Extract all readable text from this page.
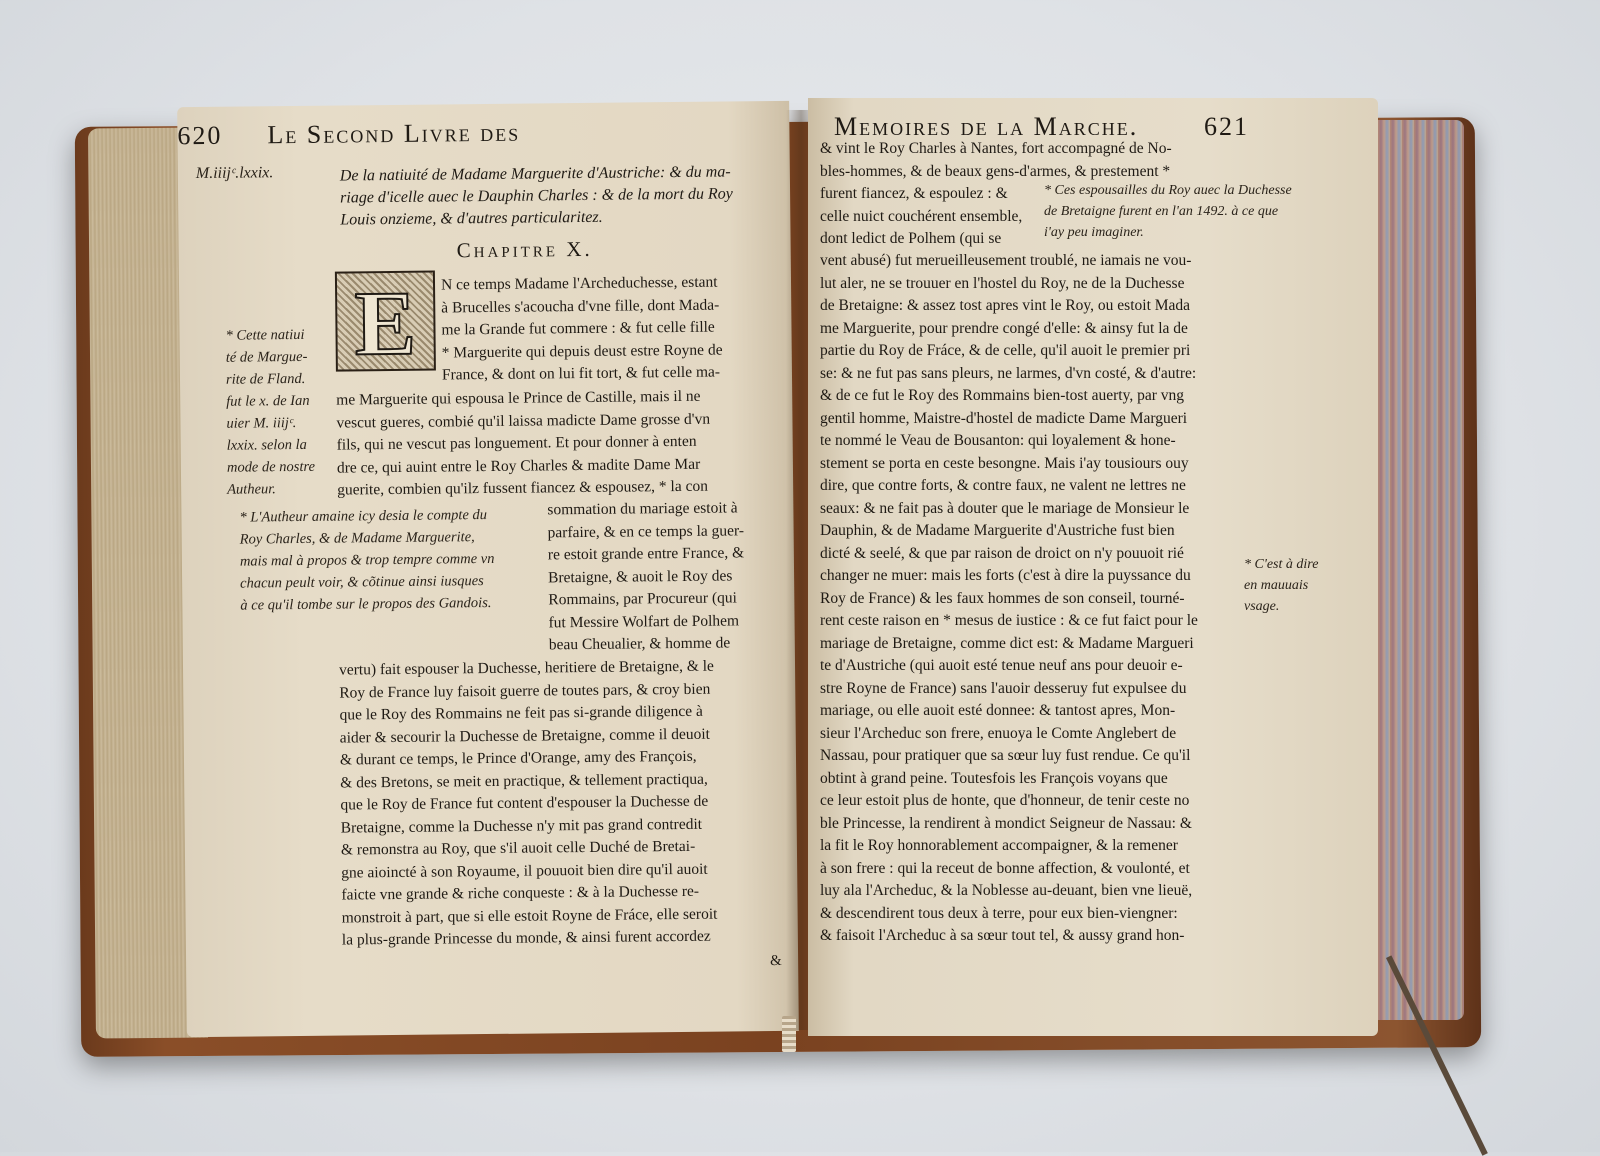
620 Le Second Livre des
M.iiijᶜ.lxxix.	De la natiuité de Madame Marguerite d'Austriche: & du ma-
riage d'icelle auec le Dauphin Charles : & de la mort du Roy
Louis onzieme, & d'autres particularitez.
Chapitre X.
E	N ce temps Madame l'Archeduchesse, estant
à Brucelles s'acoucha d'vne fille, dont Mada-
me la Grande fut commere : & fut celle fille
* Marguerite qui depuis deust estre Royne de
France, & dont on lui fit tort, & fut celle ma-
* Cette natiui
té de Margue-
rite de Fland.
fut le x. de Ian
uier M. iiijᶜ.
lxxix. selon la
mode de nostre
Autheur.
me Marguerite qui espousa le Prince de Castille, mais il ne
vescut gueres, combié qu'il laissa madicte Dame grosse d'vn
fils, qui ne vescut pas longuement. Et pour donner à enten
dre ce, qui auint entre le Roy Charles & madite Dame Mar
guerite, combien qu'ilz fussent fiancez & espousez, * la con
* L'Autheur amaine icy desia le compte du
Roy Charles, & de Madame Marguerite,
mais mal à propos & trop tempre comme vn
chacun peult voir, & cõtinue ainsi iusques
à ce qu'il tombe sur le propos des Gandois.
sommation du mariage estoit à
parfaire, & en ce temps la guer-
re estoit grande entre France, &
Bretaigne, & auoit le Roy des
Rommains, par Procureur (qui
fut Messire Wolfart de Polhem
beau Cheualier, & homme de
vertu) fait espouser la Duchesse, heritiere de Bretaigne, & le
Roy de France luy faisoit guerre de toutes pars, & croy bien
que le Roy des Rommains ne feit pas si-grande diligence à
aider & secourir la Duchesse de Bretaigne, comme il deuoit
& durant ce temps, le Prince d'Orange, amy des François,
& des Bretons, se meit en practique, & tellement practiqua,
que le Roy de France fut content d'espouser la Duchesse de
Bretaigne, comme la Duchesse n'y mit pas grand contredit
& remonstra au Roy, que s'il auoit celle Duché de Bretai-
gne aioincté à son Royaume, il pouuoit bien dire qu'il auoit
faicte vne grande & riche conqueste : & à la Duchesse re-
monstroit à part, que si elle estoit Royne de Fráce, elle seroit
la plus-grande Princesse du monde, & ainsi furent accordez
&
Memoires de la Marche.	621
& vint le Roy Charles à Nantes, fort accompagné de No-
bles-hommes, & de beaux gens-d'armes, & prestement *
furent fiancez, & espoulez : &
celle nuict couchérent ensemble,
dont ledict de Polhem (qui se
* Ces espousailles du Roy auec la Duchesse
de Bretaigne furent en l'an 1492. à ce que
i'ay peu imaginer.
vent abusé) fut merueilleusement troublé, ne iamais ne vou-
lut aler, ne se trouuer en l'hostel du Roy, ne de la Duchesse
de Bretaigne: & assez tost apres vint le Roy, ou estoit Mada
me Marguerite, pour prendre congé d'elle: & ainsy fut la de
partie du Roy de Fráce, & de celle, qu'il auoit le premier pri
se: & ne fut pas sans pleurs, ne larmes, d'vn costé, & d'autre:
& de ce fut le Roy des Rommains bien-tost auerty, par vng
gentil homme, Maistre-d'hostel de madicte Dame Margueri
te nommé le Veau de Bousanton: qui loyalement & hone-
stement se porta en ceste besongne. Mais i'ay tousiours ouy
dire, que contre forts, & contre faux, ne valent ne lettres ne
seaux: & ne fait pas à douter que le mariage de Monsieur le
Dauphin, & de Madame Marguerite d'Austriche fust bien
dicté & seelé, & que par raison de droict on n'y pouuoit rié
changer ne muer: mais les forts (c'est à dire la puyssance du
Roy de France) & les faux hommes de son conseil, tourné-
rent ceste raison en * mesus de iustice : & ce fut faict pour le
mariage de Bretaigne, comme dict est: & Madame Margueri
te d'Austriche (qui auoit esté tenue neuf ans pour deuoir e-
stre Royne de France) sans l'auoir desseruy fut expulsee du
mariage, ou elle auoit esté donnee: & tantost apres, Mon-
sieur l'Archeduc son frere, enuoya le Comte Anglebert de
Nassau, pour pratiquer que sa sœur luy fust rendue. Ce qu'il
obtint à grand peine. Toutesfois les François voyans que
ce leur estoit plus de honte, que d'honneur, de tenir ceste no
ble Princesse, la rendirent à mondict Seigneur de Nassau: &
la fit le Roy honnorablement accompaigner, & la remener
à son frere : qui la receut de bonne affection, & voulonté, et
luy ala l'Archeduc, & la Noblesse au-deuant, bien vne lieuë,
& descendirent tous deux à terre, pour eux bien-viengner:
& faisoit l'Archeduc à sa sœur tout tel, & aussy grand hon-
* C'est à dire
en mauuais
vsage.
